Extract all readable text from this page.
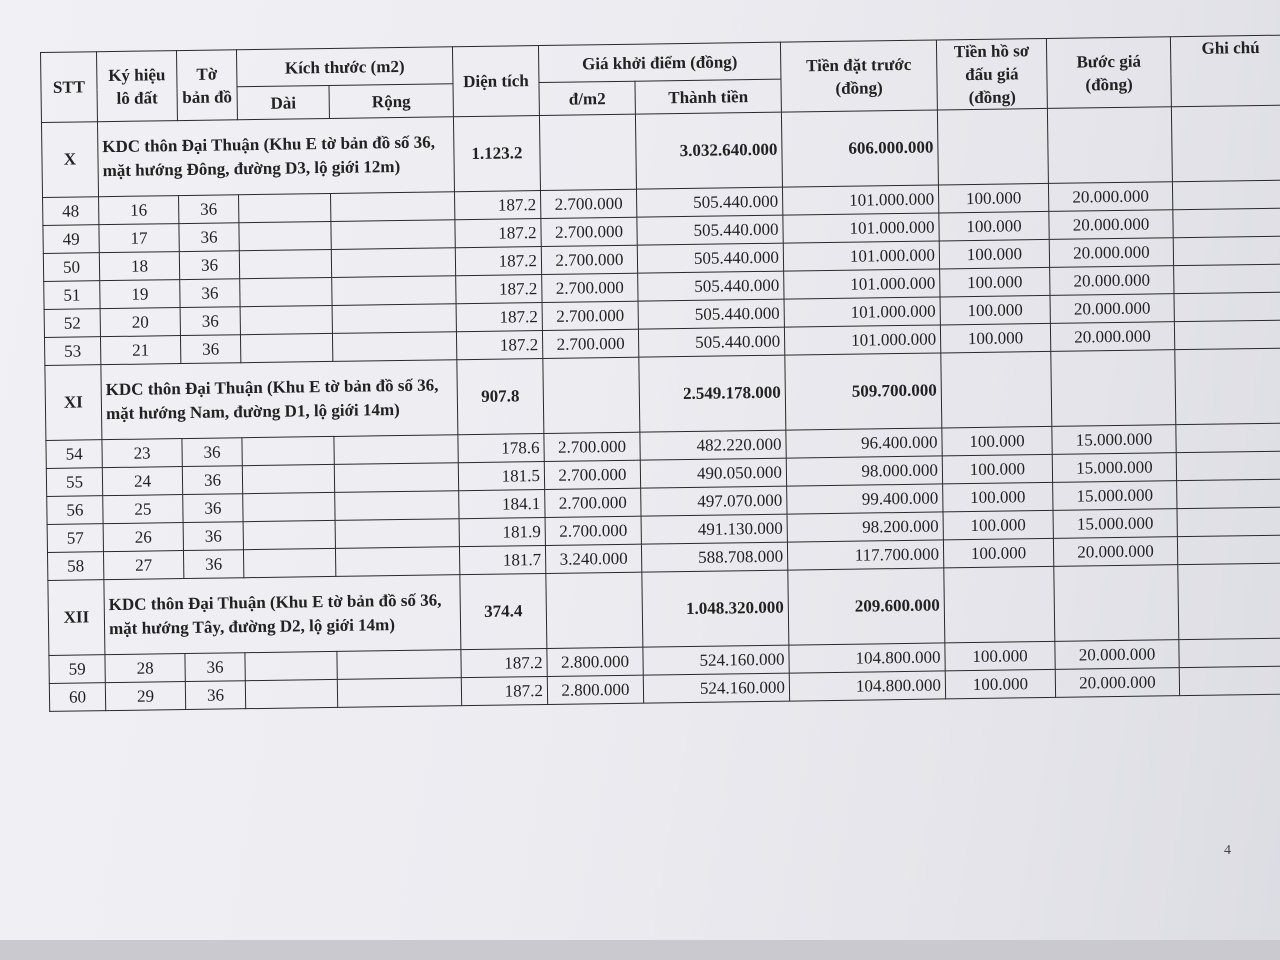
STT	Ký hiệu lô đất	Tờ bản đồ	Kích thước (m2)		Diện tích	Giá khởi điểm (đồng)		Tiền đặt trước (đồng)	Tiền hồ sơ đấu giá (đồng)	Bước giá (đồng)	Ghi chú
			Dài	Rộng		đ/m2	Thành tiền				
X	KDC thôn Đại Thuận (Khu E tờ bản đồ số 36, mặt hướng Đông, đường D3, lộ giới 12m)				1.123.2		3.032.640.000	606.000.000			
48	16	36			187.2	2.700.000	505.440.000	101.000.000	100.000	20.000.000	
49	17	36			187.2	2.700.000	505.440.000	101.000.000	100.000	20.000.000	
50	18	36			187.2	2.700.000	505.440.000	101.000.000	100.000	20.000.000	
51	19	36			187.2	2.700.000	505.440.000	101.000.000	100.000	20.000.000	
52	20	36			187.2	2.700.000	505.440.000	101.000.000	100.000	20.000.000	
53	21	36			187.2	2.700.000	505.440.000	101.000.000	100.000	20.000.000	
XI	KDC thôn Đại Thuận (Khu E tờ bản đồ số 36, mặt hướng Nam, đường D1, lộ giới 14m)				907.8		2.549.178.000	509.700.000			
54	23	36			178.6	2.700.000	482.220.000	96.400.000	100.000	15.000.000	
55	24	36			181.5	2.700.000	490.050.000	98.000.000	100.000	15.000.000	
56	25	36			184.1	2.700.000	497.070.000	99.400.000	100.000	15.000.000	
57	26	36			181.9	2.700.000	491.130.000	98.200.000	100.000	15.000.000	
58	27	36			181.7	3.240.000	588.708.000	117.700.000	100.000	20.000.000	
XII	KDC thôn Đại Thuận (Khu E tờ bản đồ số 36, mặt hướng Tây, đường D2, lộ giới 14m)				374.4		1.048.320.000	209.600.000			
59	28	36			187.2	2.800.000	524.160.000	104.800.000	100.000	20.000.000	
60	29	36			187.2	2.800.000	524.160.000	104.800.000	100.000	20.000.000	
4
